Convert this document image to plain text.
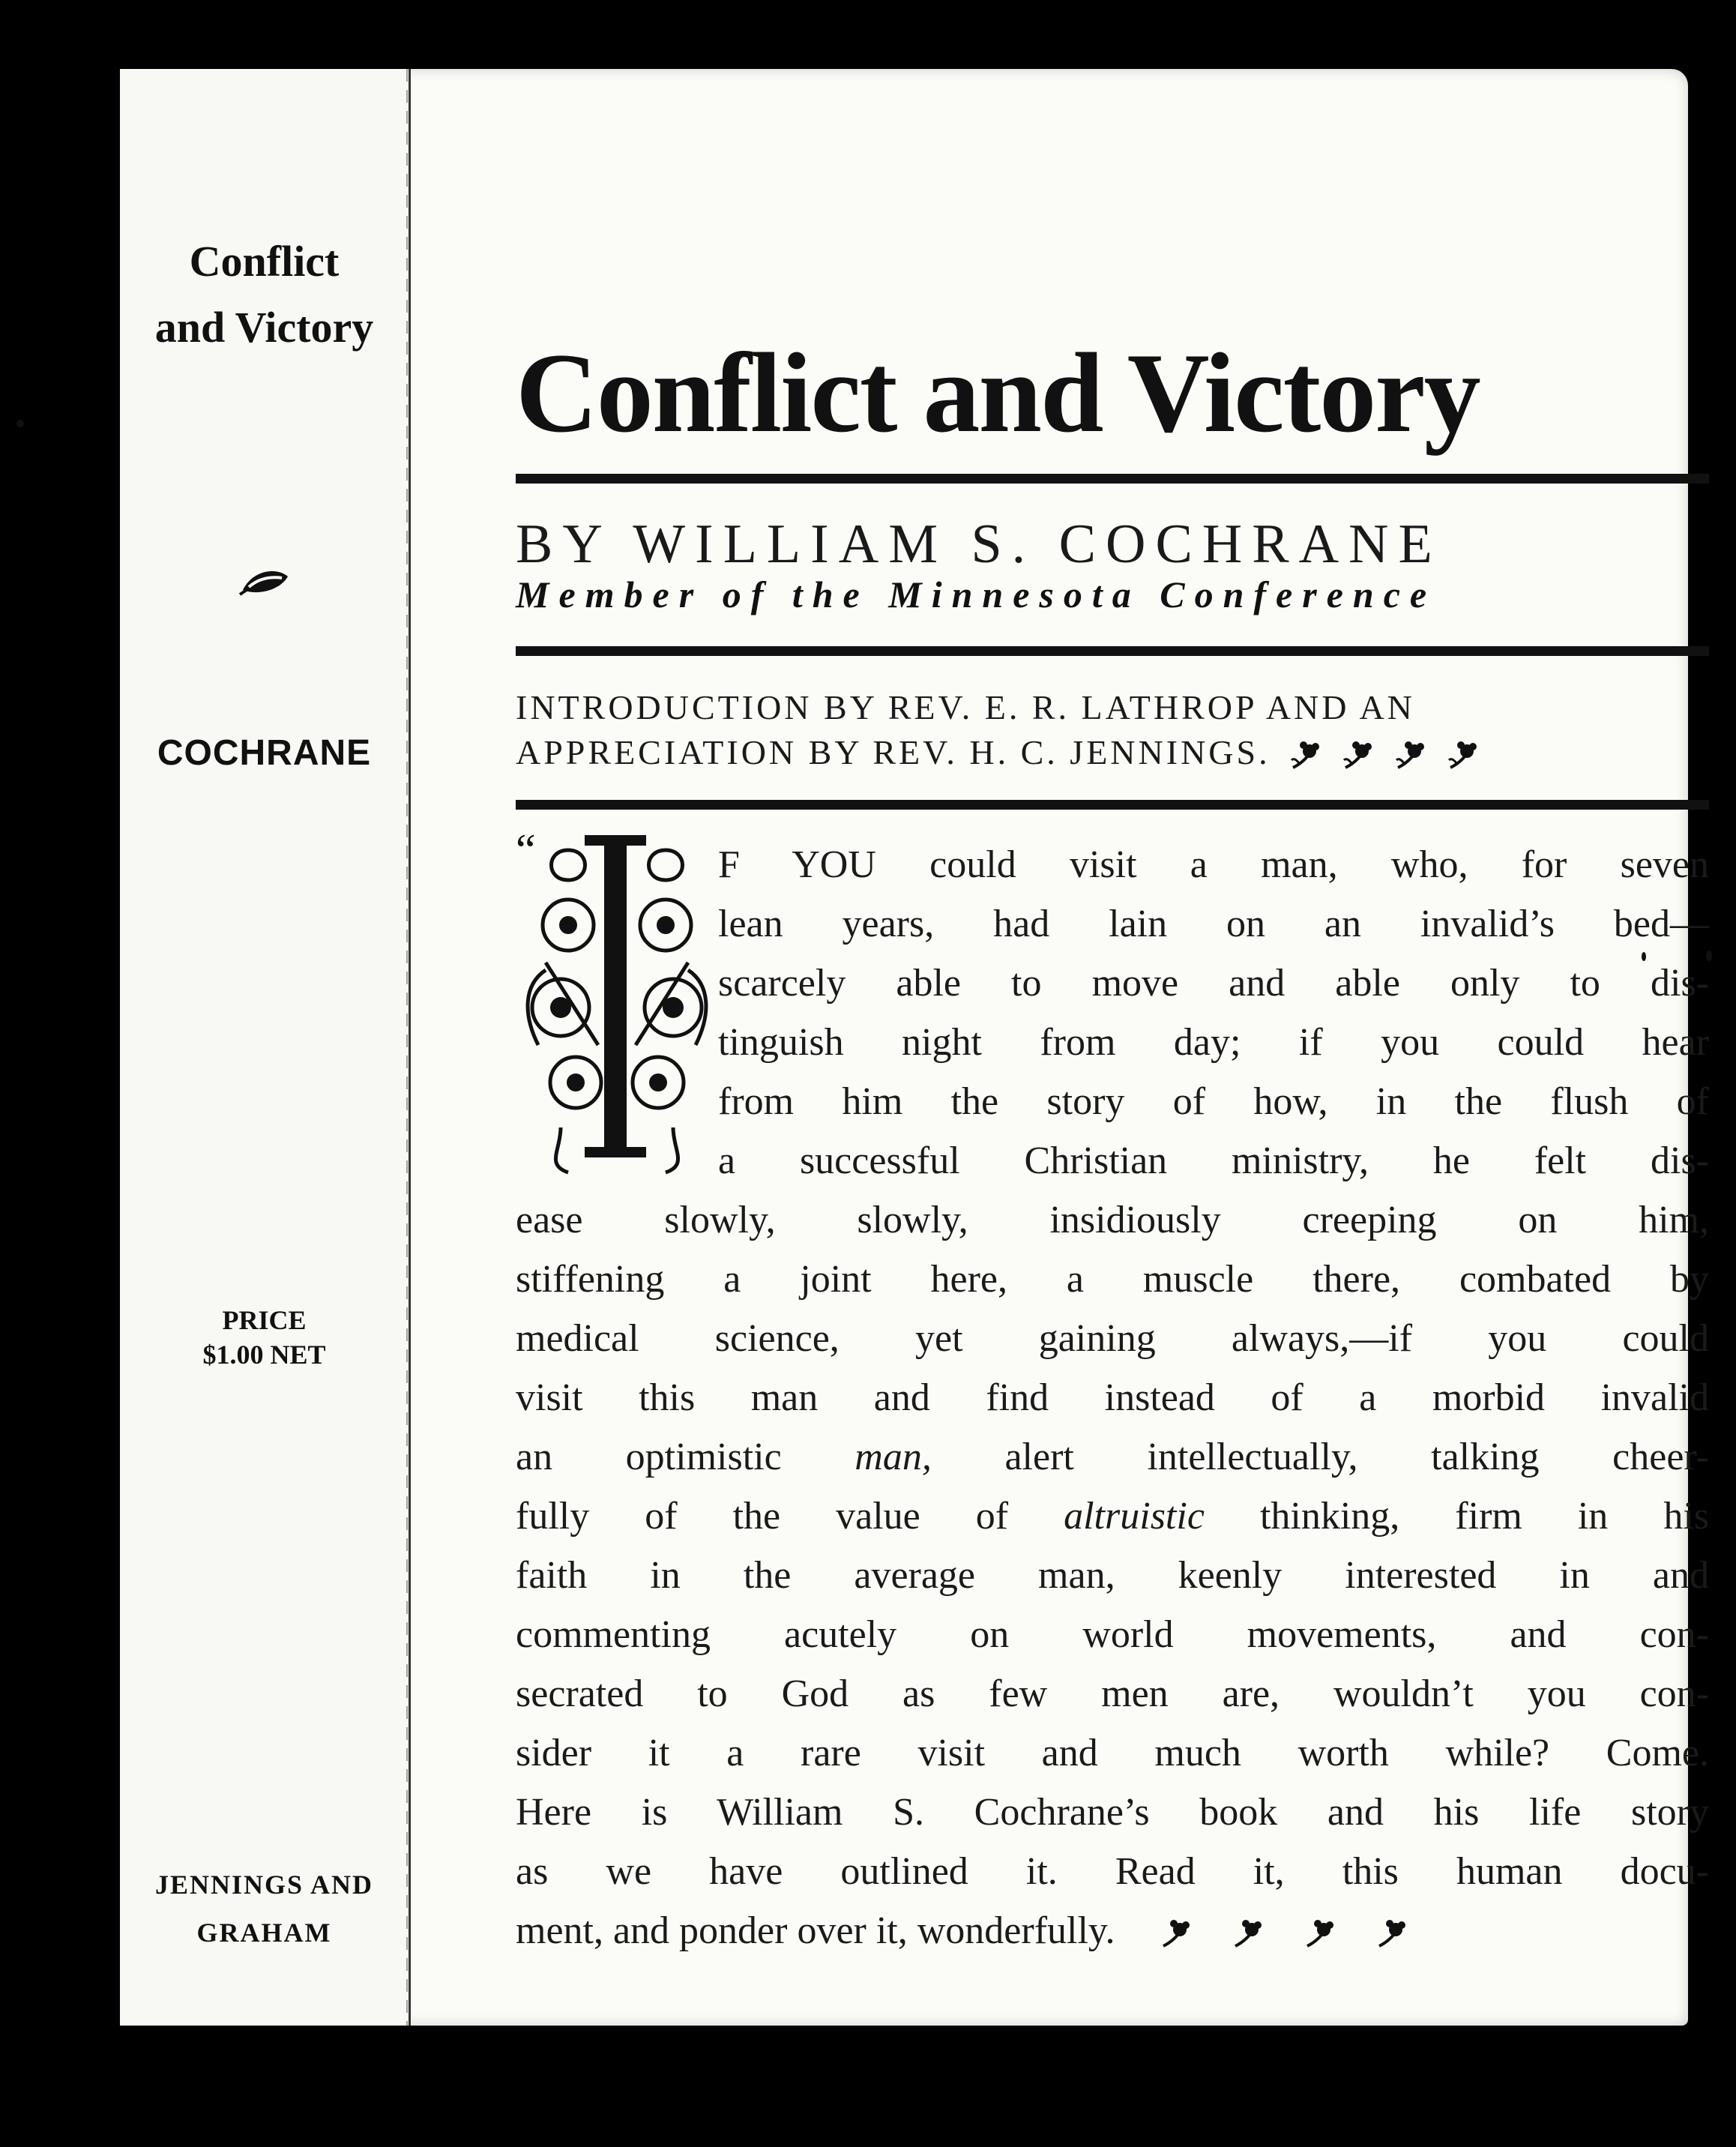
Conflict
and Victory
COCHRANE
PRICE
$1.00 NET
JENNINGS AND
GRAHAM
Conflict and Victory
BY WILLIAM S. COCHRANE
Member of the Minnesota Conference
INTRODUCTION BY REV. E. R. LATHROP AND AN
APPRECIATION BY REV. H. C. JENNINGS.
“	F YOU could visit a man, who, for seven
lean years, had lain on an invalid’s bed—
scarcely able to move and able only to dis-
tinguish night from day; if you could hear
from him the story of how, in the flush of
a successful Christian ministry, he felt dis-
ease slowly, slowly, insidiously creeping on him,
stiffening a joint here, a muscle there, combated by
medical science, yet gaining always,—if you could
visit this man and find instead of a morbid invalid
an optimistic man, alert intellectually, talking cheer-
fully of the value of altruistic thinking, firm in his
faith in the average man, keenly interested in and
commenting acutely on world movements, and con-
secrated to God as few men are, wouldn’t you con-
sider it a rare visit and much worth while? Come.
Here is William S. Cochrane’s book and his life story
as we have outlined it. Read it, this human docu-
ment, and ponder over it, wonderfully.
